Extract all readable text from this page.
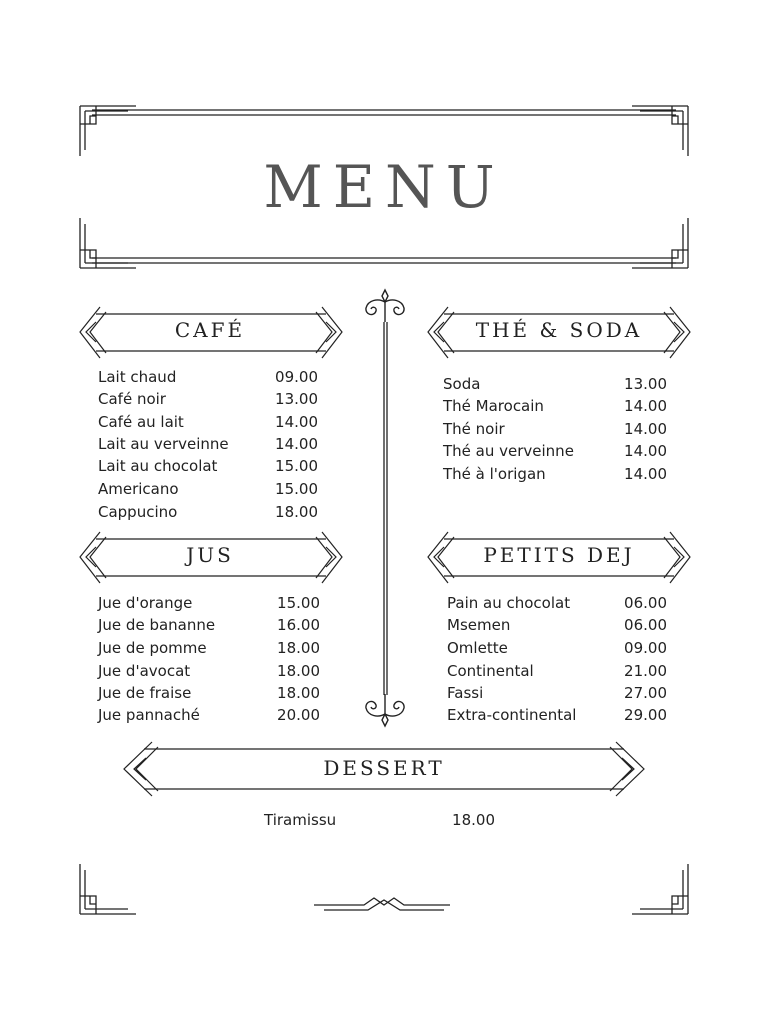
MENU
CAFÉ	THÉ & SODA
JUS	PETITS DEJ
DESSERT
Lait chaud	09.00
Café noir	13.00
Café au lait	14.00
Lait au verveinne	14.00
Lait au chocolat	15.00
Americano	15.00
Cappucino	18.00
Soda	13.00
Thé Marocain	14.00
Thé noir	14.00
Thé au verveinne	14.00
Thé à l'origan	14.00
Jue d'orange	15.00
Jue de bananne	16.00
Jue de pomme	18.00
Jue d'avocat	18.00
Jue de fraise	18.00
Jue pannaché	20.00
Pain au chocolat	06.00
Msemen	06.00
Omlette	09.00
Continental	21.00
Fassi	27.00
Extra-continental	29.00
Tiramissu	18.00
